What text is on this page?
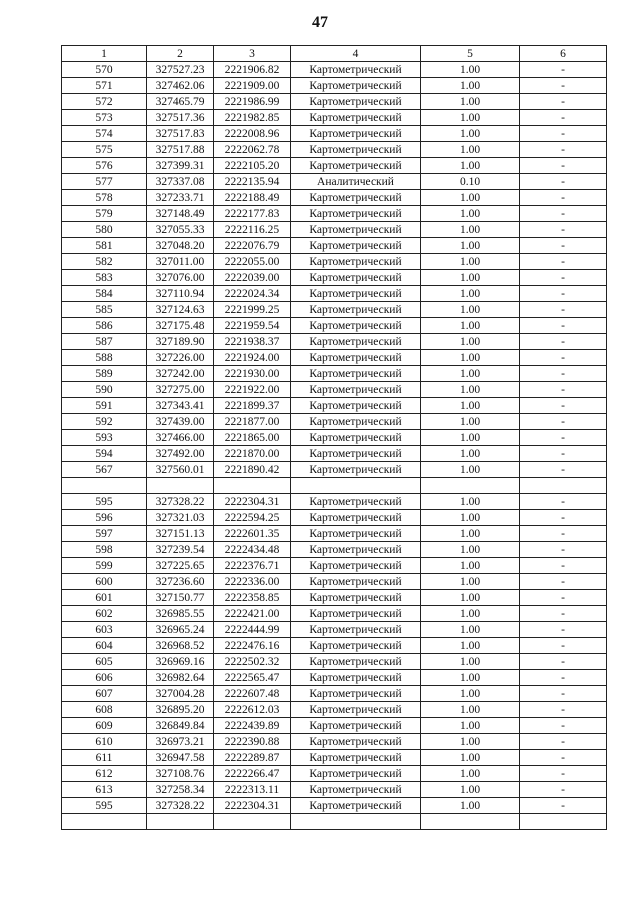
47
1	2	3	4	5	6
570	327527.23	2221906.82	Картометрический	1.00	-
571	327462.06	2221909.00	Картометрический	1.00	-
572	327465.79	2221986.99	Картометрический	1.00	-
573	327517.36	2221982.85	Картометрический	1.00	-
574	327517.83	2222008.96	Картометрический	1.00	-
575	327517.88	2222062.78	Картометрический	1.00	-
576	327399.31	2222105.20	Картометрический	1.00	-
577	327337.08	2222135.94	Аналитический	0.10	-
578	327233.71	2222188.49	Картометрический	1.00	-
579	327148.49	2222177.83	Картометрический	1.00	-
580	327055.33	2222116.25	Картометрический	1.00	-
581	327048.20	2222076.79	Картометрический	1.00	-
582	327011.00	2222055.00	Картометрический	1.00	-
583	327076.00	2222039.00	Картометрический	1.00	-
584	327110.94	2222024.34	Картометрический	1.00	-
585	327124.63	2221999.25	Картометрический	1.00	-
586	327175.48	2221959.54	Картометрический	1.00	-
587	327189.90	2221938.37	Картометрический	1.00	-
588	327226.00	2221924.00	Картометрический	1.00	-
589	327242.00	2221930.00	Картометрический	1.00	-
590	327275.00	2221922.00	Картометрический	1.00	-
591	327343.41	2221899.37	Картометрический	1.00	-
592	327439.00	2221877.00	Картометрический	1.00	-
593	327466.00	2221865.00	Картометрический	1.00	-
594	327492.00	2221870.00	Картометрический	1.00	-
567	327560.01	2221890.42	Картометрический	1.00	-

595	327328.22	2222304.31	Картометрический	1.00	-
596	327321.03	2222594.25	Картометрический	1.00	-
597	327151.13	2222601.35	Картометрический	1.00	-
598	327239.54	2222434.48	Картометрический	1.00	-
599	327225.65	2222376.71	Картометрический	1.00	-
600	327236.60	2222336.00	Картометрический	1.00	-
601	327150.77	2222358.85	Картометрический	1.00	-
602	326985.55	2222421.00	Картометрический	1.00	-
603	326965.24	2222444.99	Картометрический	1.00	-
604	326968.52	2222476.16	Картометрический	1.00	-
605	326969.16	2222502.32	Картометрический	1.00	-
606	326982.64	2222565.47	Картометрический	1.00	-
607	327004.28	2222607.48	Картометрический	1.00	-
608	326895.20	2222612.03	Картометрический	1.00	-
609	326849.84	2222439.89	Картометрический	1.00	-
610	326973.21	2222390.88	Картометрический	1.00	-
611	326947.58	2222289.87	Картометрический	1.00	-
612	327108.76	2222266.47	Картометрический	1.00	-
613	327258.34	2222313.11	Картометрический	1.00	-
595	327328.22	2222304.31	Картометрический	1.00	-
